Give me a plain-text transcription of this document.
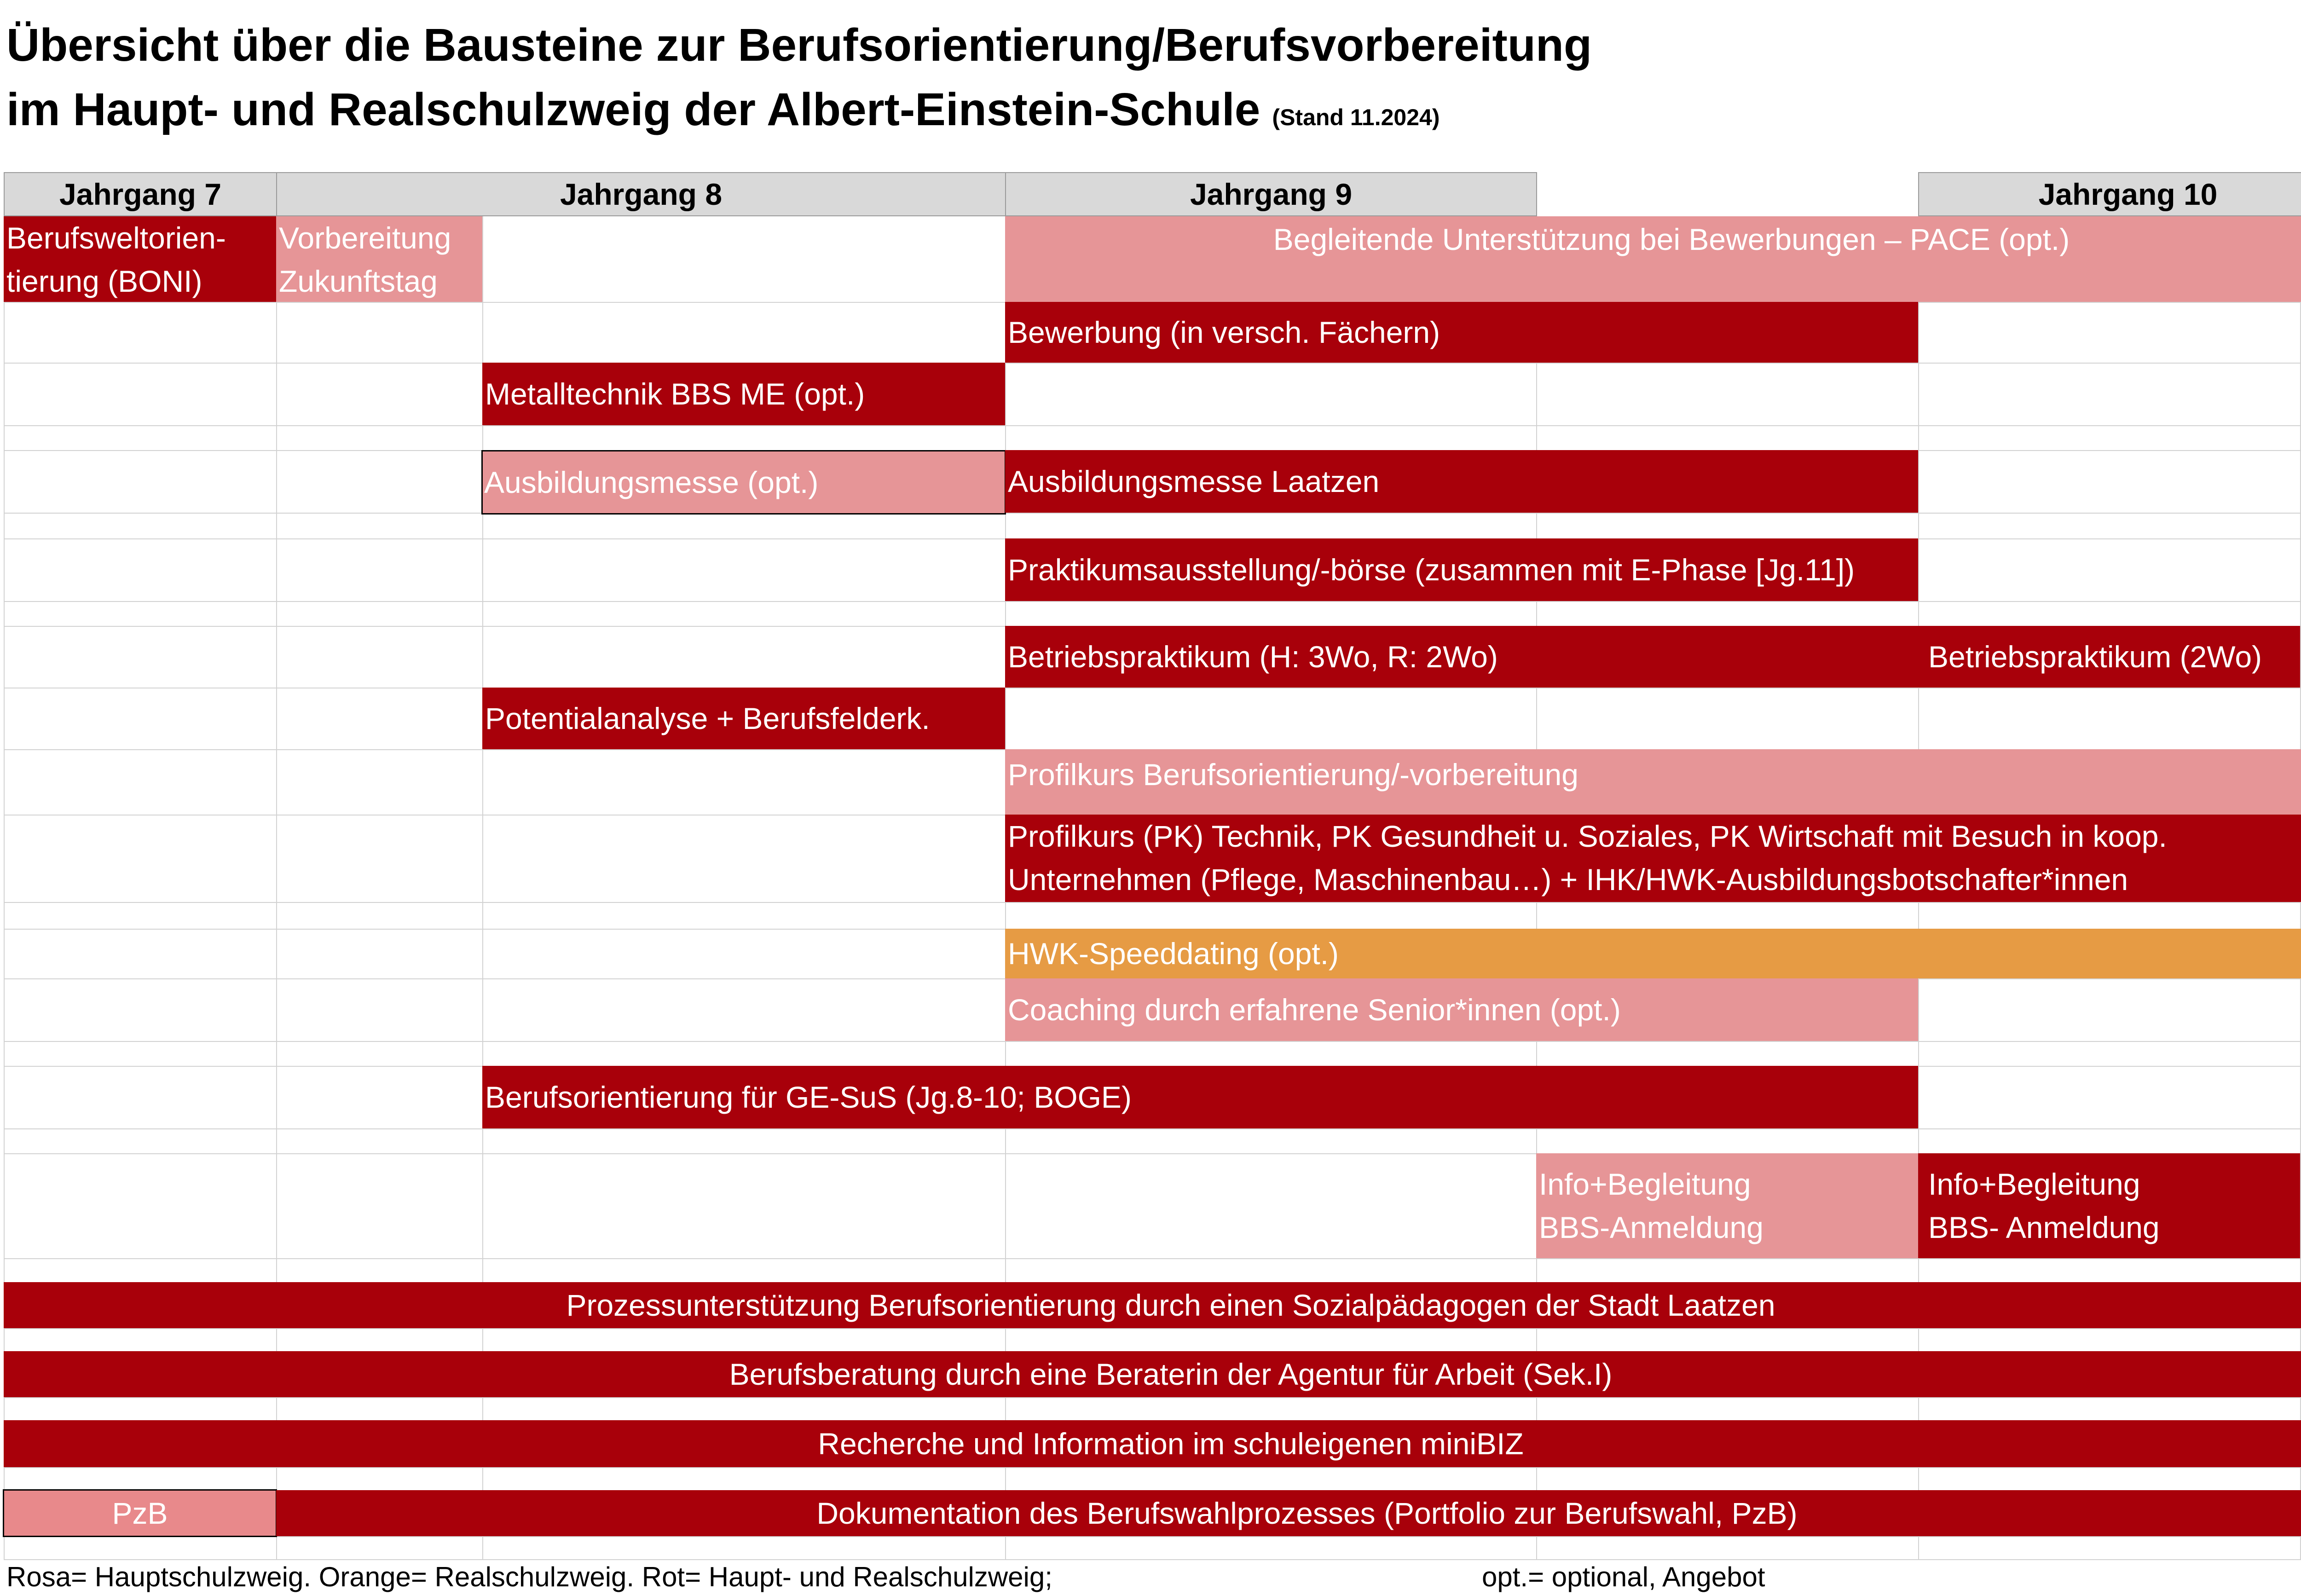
Übersicht über die Bausteine zur Berufsorientierung/Berufsvorbereitung
im Haupt- und Realschulzweig der Albert-Einstein-Schule (Stand 11.2024)
Jahrgang 7	Jahrgang 8	Jahrgang 9	Jahrgang 10
Berufsweltorien-
tierung (BONI)
Vorbereitung
Zukunftstag
Begleitende Unterstützung bei Bewerbungen – PACE (opt.)
Bewerbung (in versch. Fächern)
Metalltechnik BBS ME (opt.)
Ausbildungsmesse (opt.)	Ausbildungsmesse Laatzen
Praktikumsausstellung/-börse (zusammen mit E-Phase [Jg.11])
Betriebspraktikum (H: 3Wo, R: 2Wo)	Betriebspraktikum (2Wo)
Potentialanalyse + Berufsfelderk.
Profilkurs Berufsorientierung/-vorbereitung
Profilkurs (PK) Technik, PK Gesundheit u. Soziales, PK Wirtschaft mit Besuch in koop.
Unternehmen (Pflege, Maschinenbau…) + IHK/HWK-Ausbildungsbotschafter*innen
HWK-Speeddating (opt.)
Coaching durch erfahrene Senior*innen (opt.)
Berufsorientierung für GE-SuS (Jg.8-10; BOGE)
Info+Begleitung
BBS-Anmeldung
Info+Begleitung
BBS- Anmeldung
Prozessunterstützung Berufsorientierung durch einen Sozialpädagogen der Stadt Laatzen
Berufsberatung durch eine Beraterin der Agentur für Arbeit (Sek.I)
Recherche und Information im schuleigenen miniBIZ
PzB	Dokumentation des Berufswahlprozesses (Portfolio zur Berufswahl, PzB)
Rosa= Hauptschulzweig. Orange= Realschulzweig. Rot= Haupt- und Realschulzweig;	opt.= optional, Angebot
